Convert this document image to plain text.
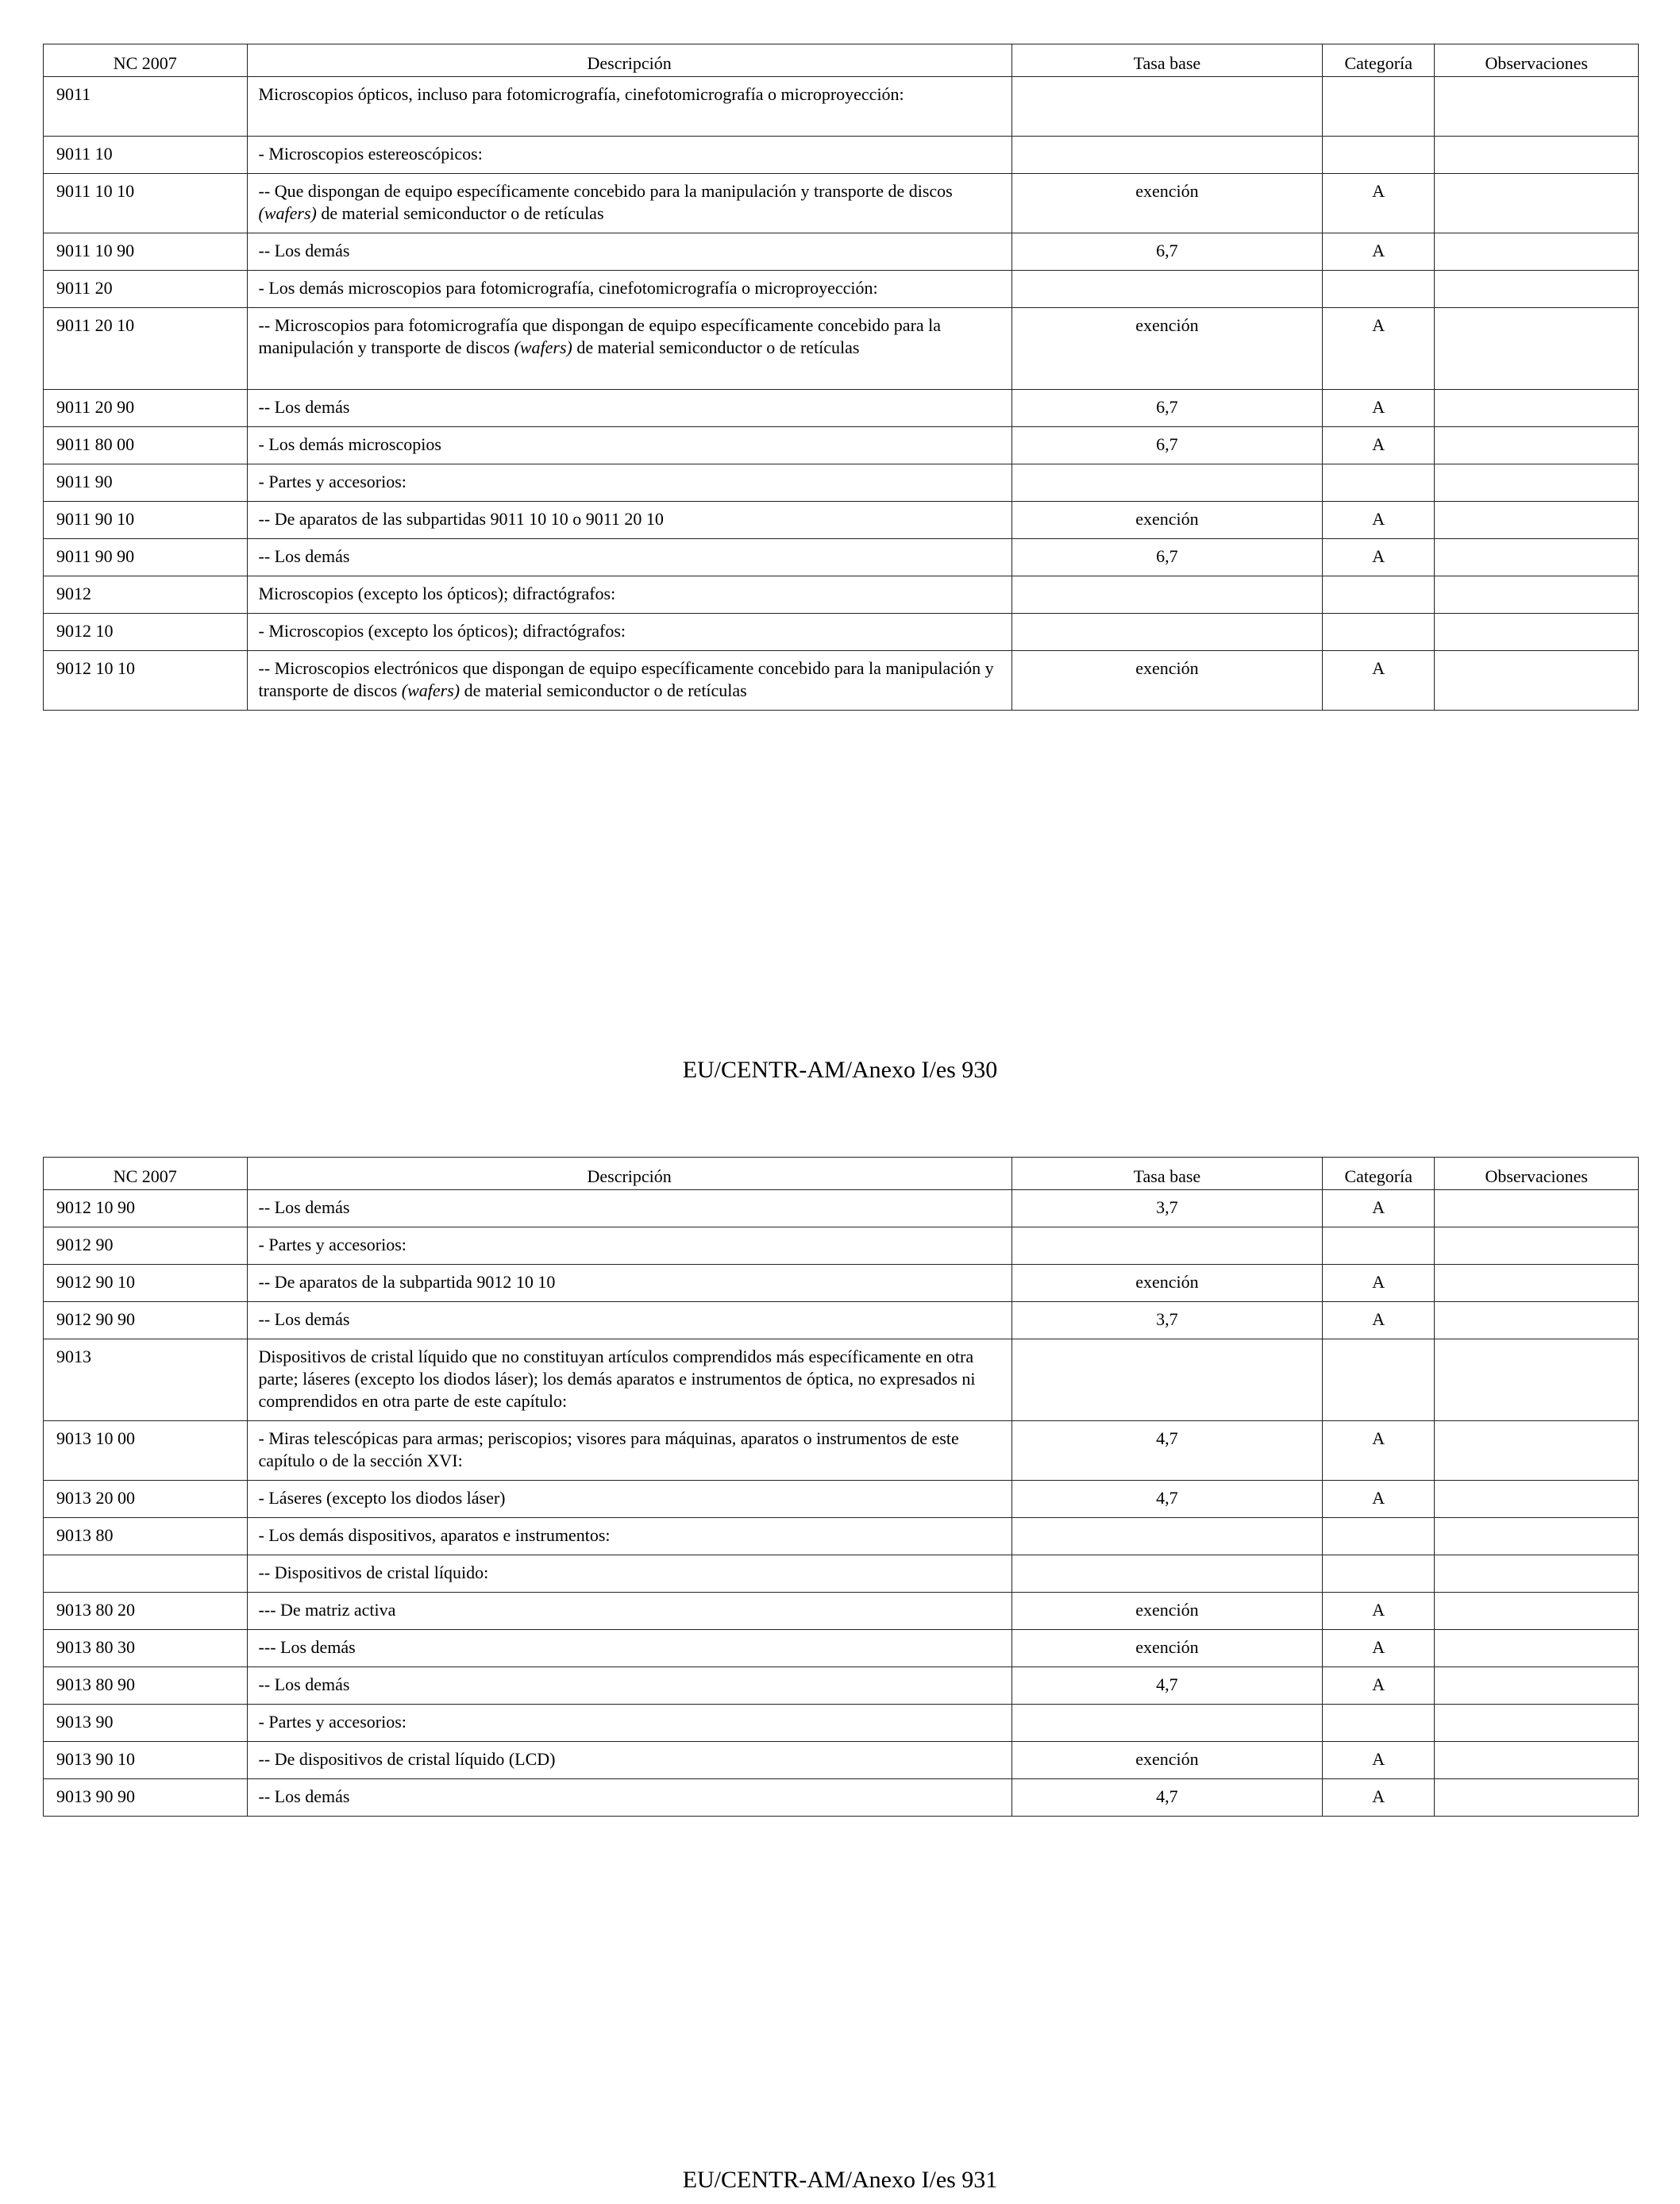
NC 2007	Descripción	Tasa base	Categoría	Observaciones
9011	Microscopios ópticos, incluso para fotomicrografía, cinefotomicrografía o microproyección:			
9011 10	- Microscopios estereoscópicos:			
9011 10 10	-- Que dispongan de equipo específicamente concebido para la manipulación y transporte de discos (wafers) de material semiconductor o de retículas	exención	A	
9011 10 90	-- Los demás	6,7	A	
9011 20	- Los demás microscopios para fotomicrografía, cinefotomicrografía o microproyección:			
9011 20 10	-- Microscopios para fotomicrografía que dispongan de equipo específicamente concebido para la manipulación y transporte de discos (wafers) de material semiconductor o de retículas	exención	A	
9011 20 90	-- Los demás	6,7	A	
9011 80 00	- Los demás microscopios	6,7	A	
9011 90	- Partes y accesorios:			
9011 90 10	-- De aparatos de las subpartidas 9011 10 10 o 9011 20 10	exención	A	
9011 90 90	-- Los demás	6,7	A	
9012	Microscopios (excepto los ópticos); difractógrafos:			
9012 10	- Microscopios (excepto los ópticos); difractógrafos:			
9012 10 10	-- Microscopios electrónicos que dispongan de equipo específicamente concebido para la manipulación y transporte de discos (wafers) de material semiconductor o de retículas	exención	A	
EU/CENTR-AM/Anexo I/es 930
NC 2007	Descripción	Tasa base	Categoría	Observaciones
9012 10 90	-- Los demás	3,7	A	
9012 90	- Partes y accesorios:			
9012 90 10	-- De aparatos de la subpartida 9012 10 10	exención	A	
9012 90 90	-- Los demás	3,7	A	
9013	Dispositivos de cristal líquido que no constituyan artículos comprendidos más específicamente en otra parte; láseres (excepto los diodos láser); los demás aparatos e instrumentos de óptica, no expresados ni comprendidos en otra parte de este capítulo:			
9013 10 00	- Miras telescópicas para armas; periscopios; visores para máquinas, aparatos o instrumentos de este capítulo o de la sección XVI:	4,7	A	
9013 20 00	- Láseres (excepto los diodos láser)	4,7	A	
9013 80	- Los demás dispositivos, aparatos e instrumentos:			
	-- Dispositivos de cristal líquido:			
9013 80 20	--- De matriz activa	exención	A	
9013 80 30	--- Los demás	exención	A	
9013 80 90	-- Los demás	4,7	A	
9013 90	- Partes y accesorios:			
9013 90 10	-- De dispositivos de cristal líquido (LCD)	exención	A	
9013 90 90	-- Los demás	4,7	A	
EU/CENTR-AM/Anexo I/es 931
